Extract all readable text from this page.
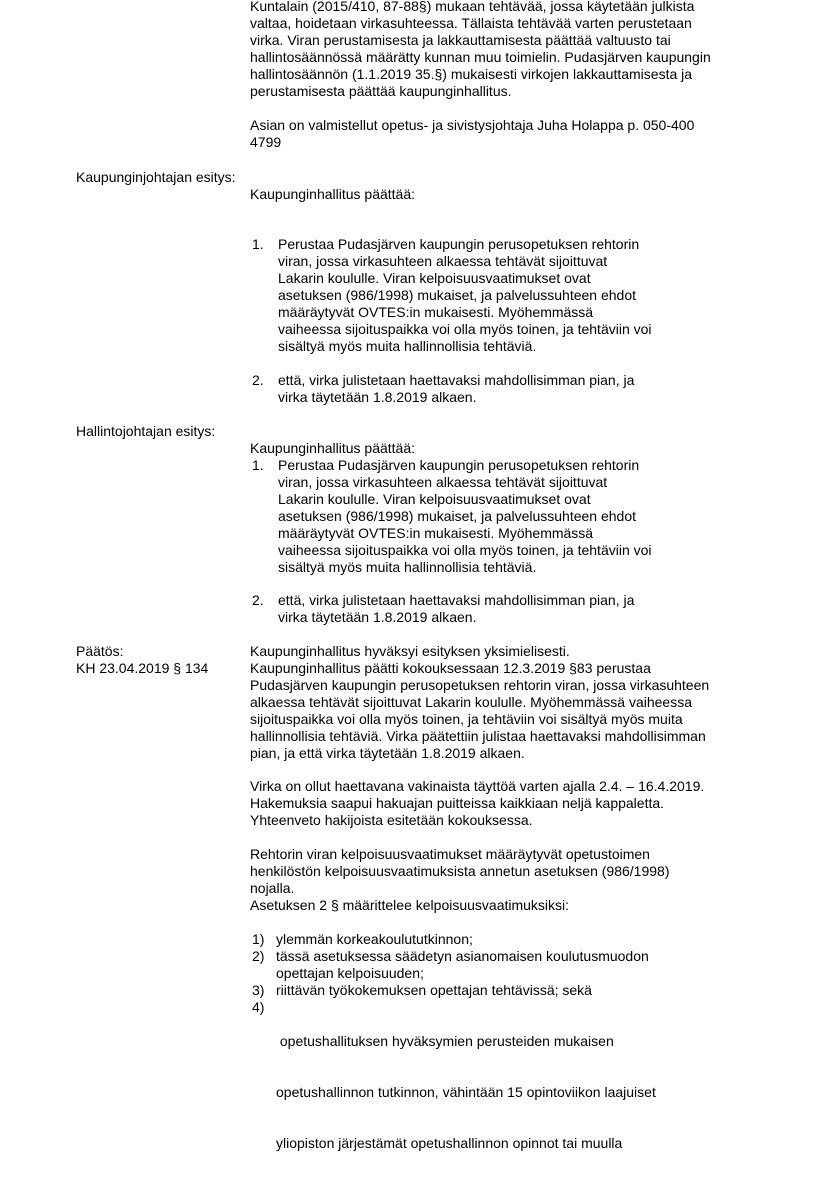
Kuntalain (2015/410, 87-88§) mukaan tehtävää, jossa käytetään julkista

valtaa, hoidetaan virkasuhteessa. Tällaista tehtävää varten perustetaan

virka. Viran perustamisesta ja lakkauttamisesta päättää valtuusto tai

hallintosäännössä määrätty kunnan muu toimielin. Pudasjärven kaupungin

hallintosäännön (1.1.2019 35.§) mukaisesti virkojen lakkauttamisesta ja

perustamisesta päättää kaupunginhallitus.

Asian on valmistellut opetus- ja sivistysjohtaja Juha Holappa p. 050-400

4799

Kaupunginjohtajan esitys:
Kaupunginhallitus päättää:
1. Perustaa Pudasjärven kaupungin perusopetuksen rehtorin

viran, jossa virkasuhteen alkaessa tehtävät sijoittuvat

Lakarin koululle. Viran kelpoisuusvaatimukset ovat

asetuksen (986/1998) mukaiset, ja palvelussuhteen ehdot

määräytyvät OVTES:in mukaisesti. Myöhemmässä

vaiheessa sijoituspaikka voi olla myös toinen, ja tehtäviin voi

sisältyä myös muita hallinnollisia tehtäviä.

2. että, virka julistetaan haettavaksi mahdollisimman pian, ja

virka täytetään 1.8.2019 alkaen.

Hallintojohtajan esitys:
Kaupunginhallitus päättää:
1. Perustaa Pudasjärven kaupungin perusopetuksen rehtorin

viran, jossa virkasuhteen alkaessa tehtävät sijoittuvat

Lakarin koululle. Viran kelpoisuusvaatimukset ovat

asetuksen (986/1998) mukaiset, ja palvelussuhteen ehdot

määräytyvät OVTES:in mukaisesti. Myöhemmässä

vaiheessa sijoituspaikka voi olla myös toinen, ja tehtäviin voi

sisältyä myös muita hallinnollisia tehtäviä.

2. että, virka julistetaan haettavaksi mahdollisimman pian, ja

virka täytetään 1.8.2019 alkaen.

Päätös:

KH 23.04.2019 § 134

Kaupunginhallitus hyväksyi esityksen yksimielisesti.

Kaupunginhallitus päätti kokouksessaan 12.3.2019 §83 perustaa

Pudasjärven kaupungin perusopetuksen rehtorin viran, jossa virkasuhteen

alkaessa tehtävät sijoittuvat Lakarin koululle. Myöhemmässä vaiheessa

sijoituspaikka voi olla myös toinen, ja tehtäviin voi sisältyä myös muita

hallinnollisia tehtäviä. Virka päätettiin julistaa haettavaksi mahdollisimman

pian, ja että virka täytetään 1.8.2019 alkaen.

Virka on ollut haettavana vakinaista täyttöä varten ajalla 2.4. – 16.4.2019.

Hakemuksia saapui hakuajan puitteissa kaikkiaan neljä kappaletta.

Yhteenveto hakijoista esitetään kokouksessa.

Rehtorin viran kelpoisuusvaatimukset määräytyvät opetustoimen

henkilöstön kelpoisuusvaatimuksista annetun asetuksen (986/1998)

nojalla.

Asetuksen 2 § määrittelee kelpoisuusvaatimuksiksi:

1) ylemmän korkeakoulututkinnon;

2) tässä asetuksessa säädetyn asianomaisen koulutusmuodon

opettajan kelpoisuuden;

3) riittävän työkokemuksen opettajan tehtävissä; sekä

4)

opetushallituksen hyväksymien perusteiden mukaisen

opetushallinnon tutkinnon, vähintään 15 opintoviikon laajuiset

yliopiston järjestämät opetushallinnon opinnot tai muulla
